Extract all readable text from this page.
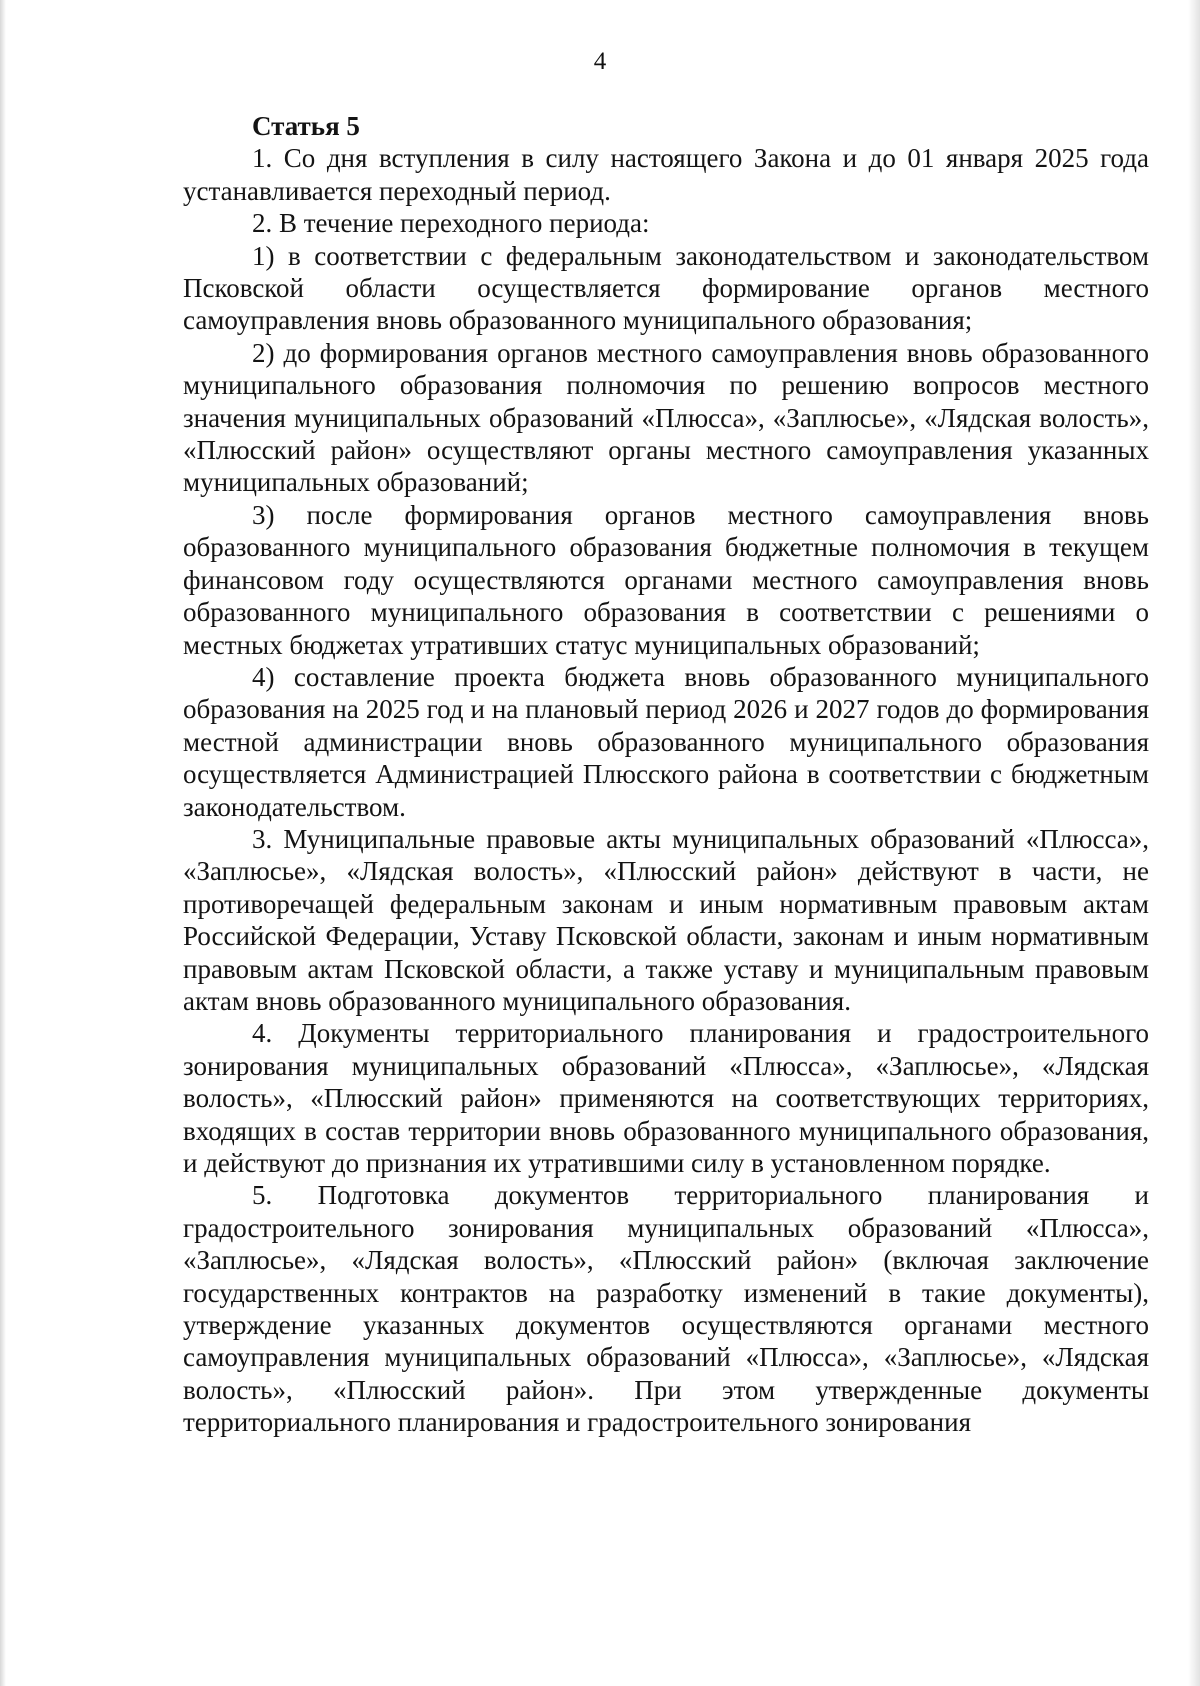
4
Статья 5

1. Со дня вступления в силу настоящего Закона и до 01 января 2025 года устанавливается переходный период.

2. В течение переходного периода:

1) в соответствии с федеральным законодательством и законодательством Псковской области осуществляется формирование органов местного самоуправления вновь образованного муниципального образования;

2) до формирования органов местного самоуправления вновь образованного муниципального образования полномочия по решению вопросов местного значения муниципальных образований «Плюсса», «Заплюсье», «Лядская волость», «Плюсский район» осуществляют органы местного самоуправления указанных муниципальных образований;

3) после формирования органов местного самоуправления вновь образованного муниципального образования бюджетные полномочия в текущем финансовом году осуществляются органами местного самоуправления вновь образованного муниципального образования в соответствии с решениями о местных бюджетах утративших статус муниципальных образований;

4) составление проекта бюджета вновь образованного муниципального образования на 2025 год и на плановый период 2026 и 2027 годов до формирования местной администрации вновь образованного муниципального образования осуществляется Администрацией Плюсского района в соответствии с бюджетным законодательством.

3. Муниципальные правовые акты муниципальных образований «Плюсса», «Заплюсье», «Лядская волость», «Плюсский район» действуют в части, не противоречащей федеральным законам и иным нормативным правовым актам Российской Федерации, Уставу Псковской области, законам и иным нормативным правовым актам Псковской области, а также уставу и муниципальным правовым актам вновь образованного муниципального образования.

4. Документы территориального планирования и градостроительного зонирования муниципальных образований «Плюсса», «Заплюсье», «Лядская волость», «Плюсский район» применяются на соответствующих территориях, входящих в состав территории вновь образованного муниципального образования, и действуют до признания их утратившими силу в установленном порядке.

5. Подготовка документов территориального планирования и градостроительного зонирования муниципальных образований «Плюсса», «Заплюсье», «Лядская волость», «Плюсский район» (включая заключение государственных контрактов на разработку изменений в такие документы), утверждение указанных документов осуществляются органами местного самоуправления муниципальных образований «Плюсса», «Заплюсье», «Лядская волость», «Плюсский район». При этом утвержденные документы территориального планирования и градостроительного зонирования
